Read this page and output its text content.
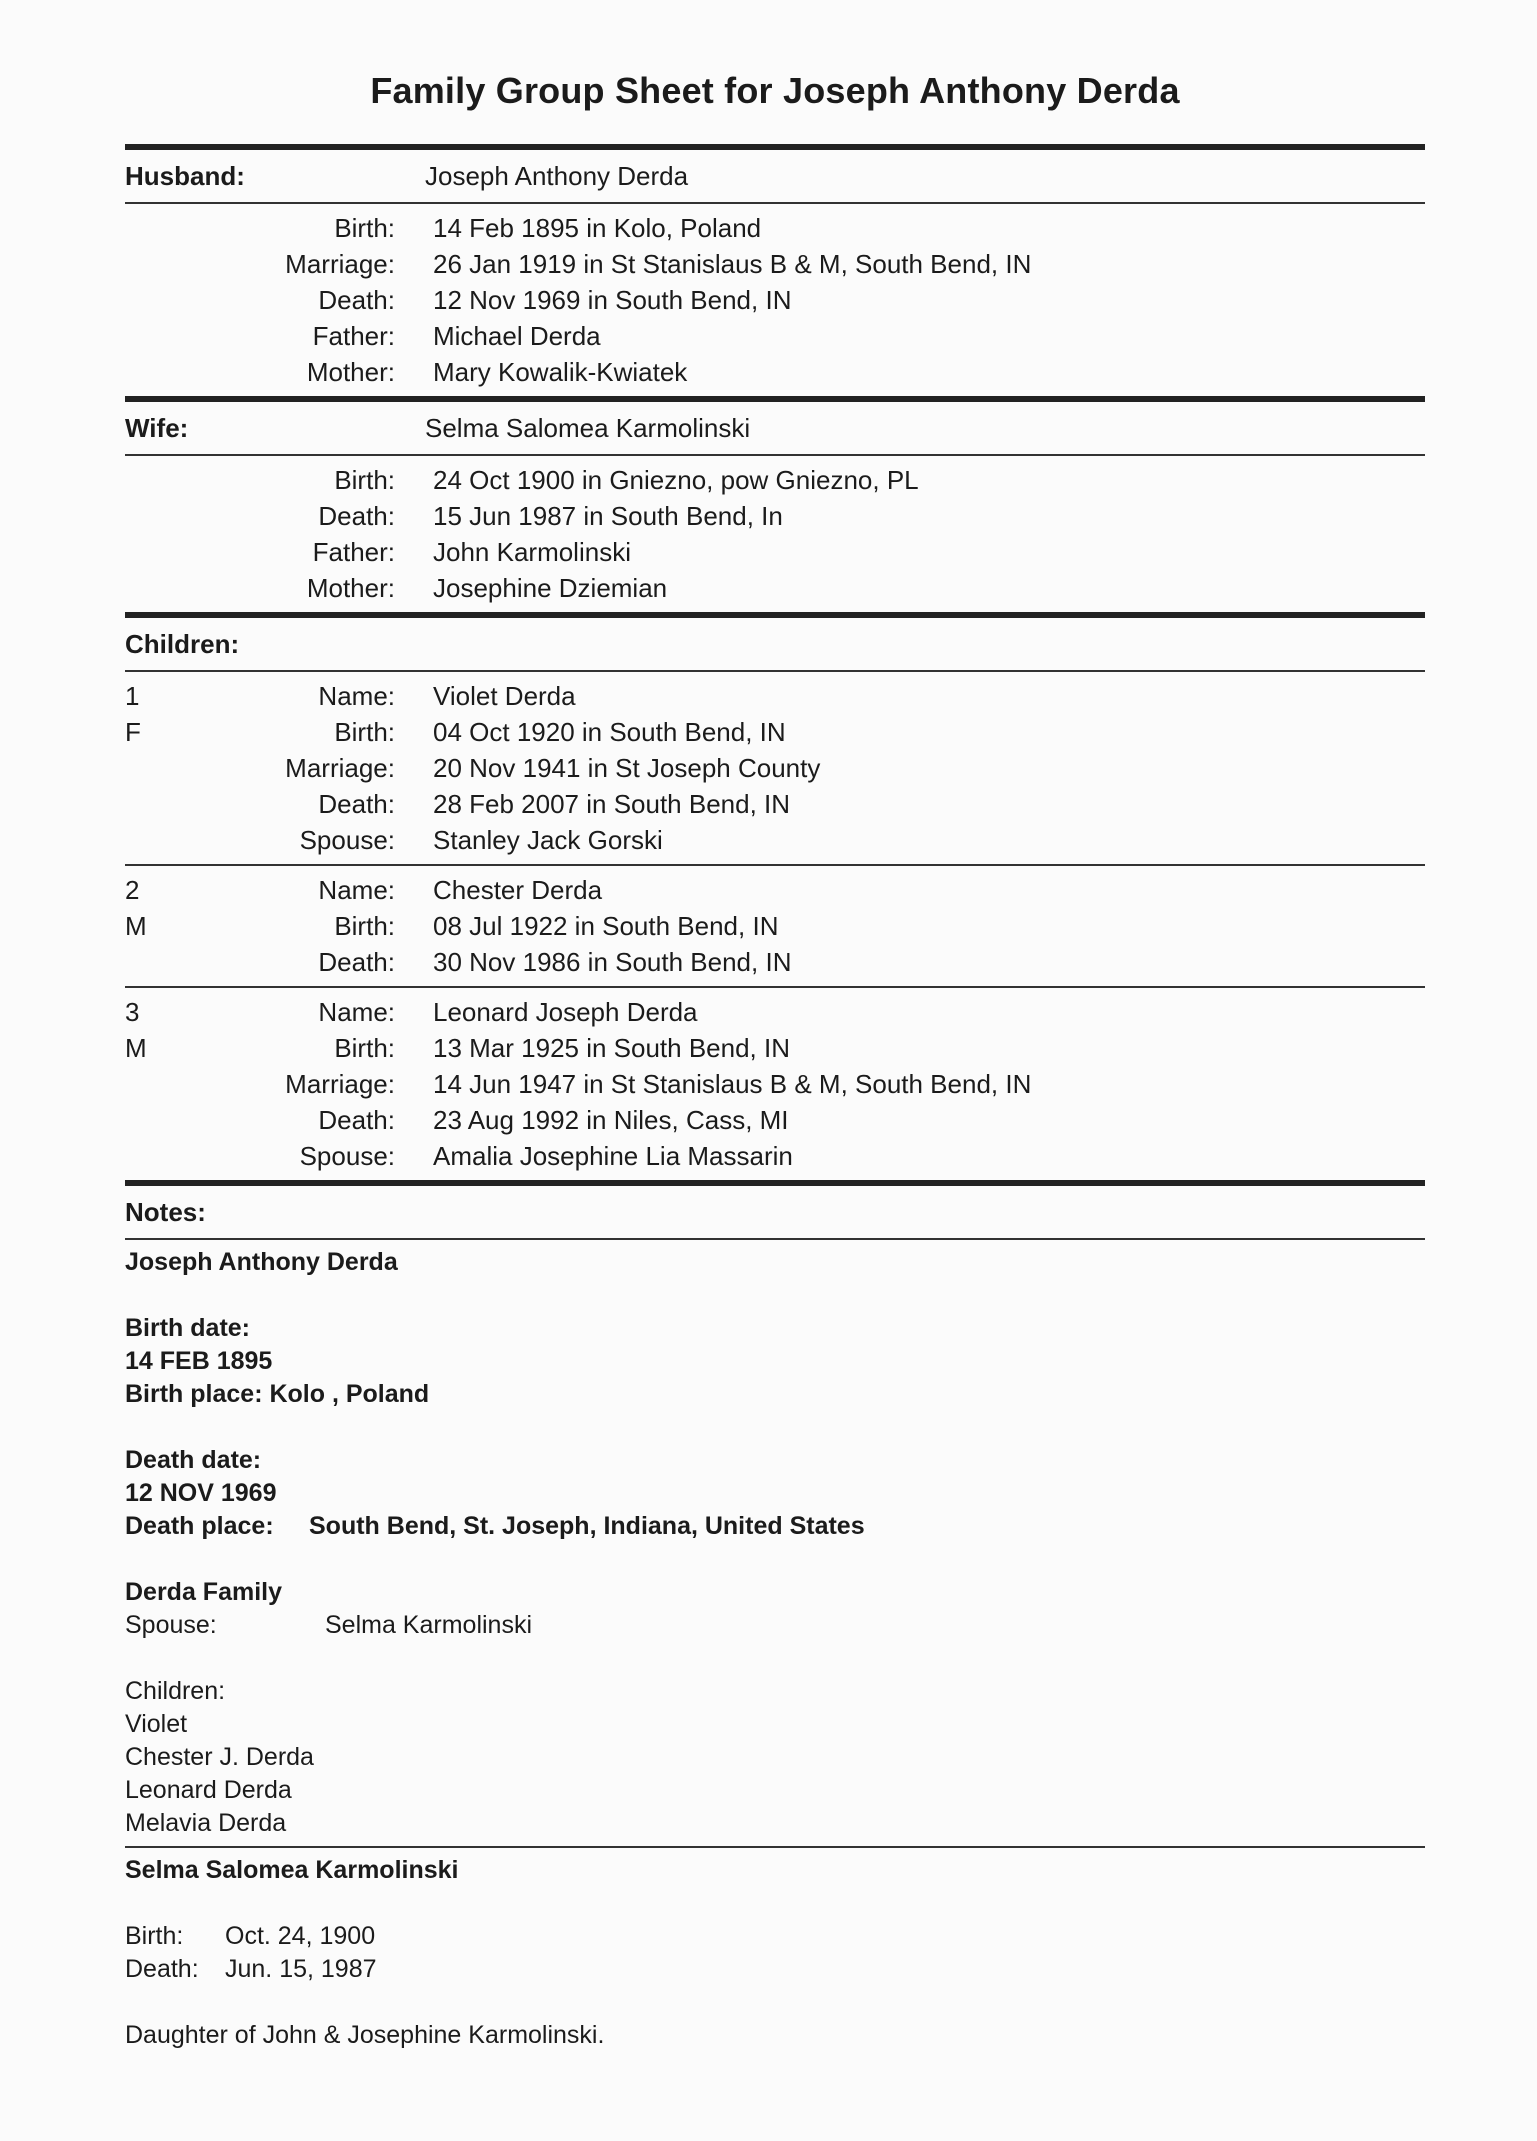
Family Group Sheet for Joseph Anthony Derda
Husband:	Joseph Anthony Derda
Birth:	14 Feb 1895 in Kolo, Poland
Marriage:	26 Jan 1919 in St Stanislaus B & M, South Bend, IN
Death:	12 Nov 1969 in South Bend, IN
Father:	Michael Derda
Mother:	Mary Kowalik-Kwiatek
Wife:	Selma Salomea Karmolinski
Birth:	24 Oct 1900 in Gniezno, pow Gniezno, PL
Death:	15 Jun 1987 in South Bend, In
Father:	John Karmolinski
Mother:	Josephine Dziemian
Children:
1	Name:	Violet Derda
F	Birth:	04 Oct 1920 in South Bend, IN
Marriage:	20 Nov 1941 in St Joseph County
Death:	28 Feb 2007 in South Bend, IN
Spouse:	Stanley Jack Gorski
2	Name:	Chester Derda
M	Birth:	08 Jul 1922 in South Bend, IN
Death:	30 Nov 1986 in South Bend, IN
3	Name:	Leonard Joseph Derda
M	Birth:	13 Mar 1925 in South Bend, IN
Marriage:	14 Jun 1947 in St Stanislaus B & M, South Bend, IN
Death:	23 Aug 1992 in Niles, Cass, MI
Spouse:	Amalia Josephine Lia Massarin
Notes:
Joseph Anthony Derda
Birth date:
14 FEB 1895
Birth place: Kolo , Poland
Death date:
12 NOV 1969
Death place: South Bend, St. Joseph, Indiana, United States
Derda Family
Spouse:	Selma Karmolinski
Children:
Violet
Chester J. Derda
Leonard Derda
Melavia Derda
Selma Salomea Karmolinski
Birth:	Oct. 24, 1900
Death:	Jun. 15, 1987
Daughter of John & Josephine Karmolinski.
